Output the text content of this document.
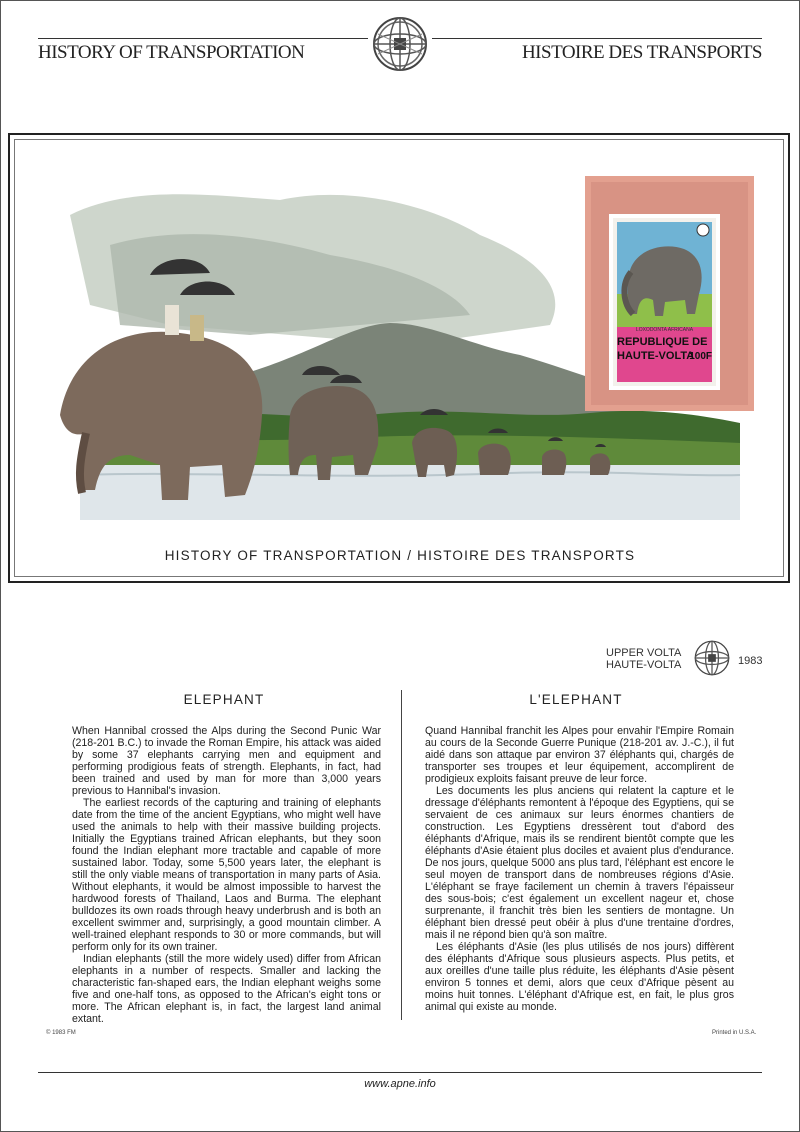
HISTORY OF TRANSPORTATION	HISTOIRE DES TRANSPORTS
LOXODONTA AFRICANA
REPUBLIQUE DE
HAUTE-VOLTA
100F
HISTORY OF TRANSPORTATION / HISTOIRE DES TRANSPORTS
UPPER VOLTA
HAUTE-VOLTA	1983
ELEPHANT

When Hannibal crossed the Alps during the Second Punic War (218-201 B.C.) to invade the Roman Empire, his attack was aided by some 37 elephants carrying men and equipment and performing prodigious feats of strength. Elephants, in fact, had been trained and used by man for more than 3,000 years previous to Hannibal's invasion.

The earliest records of the capturing and training of elephants date from the time of the ancient Egyptians, who might well have used the animals to help with their massive building projects. Initially the Egyptians trained African elephants, but they soon found the Indian elephant more tractable and capable of more sustained labor. Today, some 5,500 years later, the elephant is still the only viable means of transportation in many parts of Asia. Without elephants, it would be almost impossible to harvest the hardwood forests of Thailand, Laos and Burma. The elephant bulldozes its own roads through heavy underbrush and is both an excellent swimmer and, surprisingly, a good mountain climber. A well-trained elephant responds to 30 or more commands, but will perform only for its own trainer.

Indian elephants (still the more widely used) differ from African elephants in a number of respects. Smaller and lacking the characteristic fan-shaped ears, the Indian elephant weighs some five and one-half tons, as opposed to the African's eight tons or more. The African elephant is, in fact, the largest land animal extant.

L'ELEPHANT

Quand Hannibal franchit les Alpes pour envahir l'Empire Romain au cours de la Seconde Guerre Punique (218-201 av. J.-C.), il fut aidé dans son attaque par environ 37 éléphants qui, chargés de transporter ses troupes et leur équipement, accomplirent de prodigieux exploits faisant preuve de leur force.

Les documents les plus anciens qui relatent la capture et le dressage d'éléphants remontent à l'époque des Egyptiens, qui se servaient de ces animaux sur leurs énormes chantiers de construction. Les Egyptiens dressèrent tout d'abord des éléphants d'Afrique, mais ils se rendirent bientôt compte que les éléphants d'Asie étaient plus dociles et avaient plus d'endurance. De nos jours, quelque 5000 ans plus tard, l'éléphant est encore le seul moyen de transport dans de nombreuses régions d'Asie. L'éléphant se fraye facilement un chemin à travers l'épaisseur des sous-bois; c'est également un excellent nageur et, chose surprenante, il franchit très bien les sentiers de montagne. Un éléphant bien dressé peut obéir à plus d'une trentaine d'ordres, mais il ne répond bien qu'à son maître.

Les éléphants d'Asie (les plus utilisés de nos jours) diffèrent des éléphants d'Afrique sous plusieurs aspects. Plus petits, et aux oreilles d'une taille plus réduite, les éléphants d'Asie pèsent environ 5 tonnes et demi, alors que ceux d'Afrique pèsent au moins huit tonnes. L'éléphant d'Afrique est, en fait, le plus gros animal qui existe au monde.

© 1983 FM	Printed in U.S.A.
www.apne.info
